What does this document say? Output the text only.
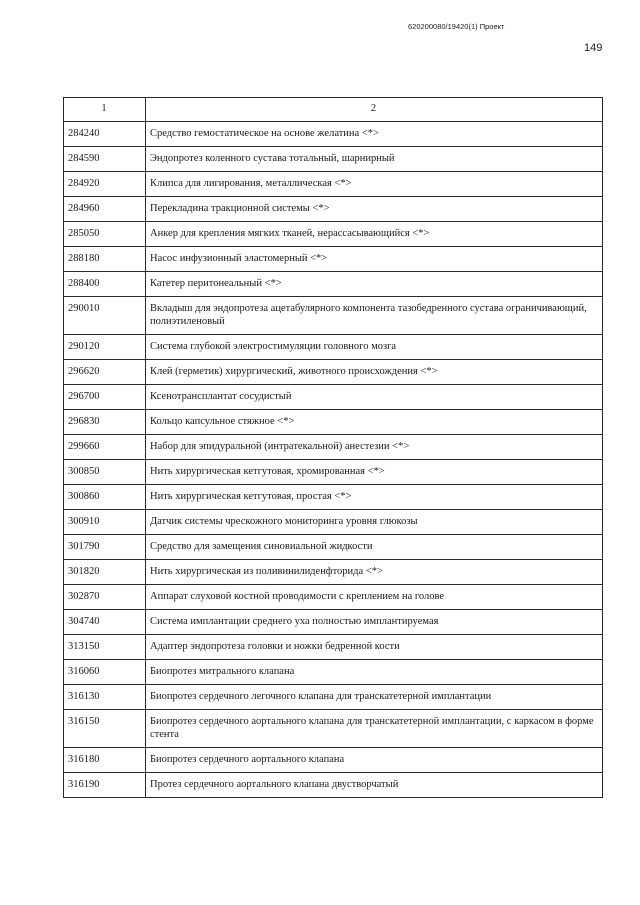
620200080/19420(1) Проект
149
1	2
284240	Средство гемостатическое на основе желатина <*>
284590	Эндопротез коленного сустава тотальный, шарнирный
284920	Клипса для лигирования, металлическая <*>
284960	Перекладина тракционной системы <*>
285050	Анкер для крепления мягких тканей, нерассасывающийся <*>
288180	Насос инфузионный эластомерный <*>
288400	Катетер перитонеальный <*>
290010	Вкладыш для эндопротеза ацетабулярного компонента тазобедренного сустава ограничивающий, полиэтиленовый
290120	Система глубокой электростимуляции головного мозга
296620	Клей (герметик) хирургический, животного происхождения <*>
296700	Ксенотрансплантат сосудистый
296830	Кольцо капсульное стяжное <*>
299660	Набор для эпидуральной (интратекальной) анестезии <*>
300850	Нить хирургическая кетгутовая, хромированная <*>
300860	Нить хирургическая кетгутовая, простая <*>
300910	Датчик системы чрескожного мониторинга уровня глюкозы
301790	Средство для замещения синовиальной жидкости
301820	Нить хирургическая из поливинилиденфторида <*>
302870	Аппарат слуховой костной проводимости с креплением на голове
304740	Система имплантации среднего уха полностью имплантируемая
313150	Адаптер эндопротеза головки и ножки бедренной кости
316060	Биопротез митрального клапана
316130	Биопротез сердечного легочного клапана для транскатетерной имплантации
316150	Биопротез сердечного аортального клапана для транскатетерной имплантации, с каркасом в форме стента
316180	Биопротез сердечного аортального клапана
316190	Протез сердечного аортального клапана двустворчатый
